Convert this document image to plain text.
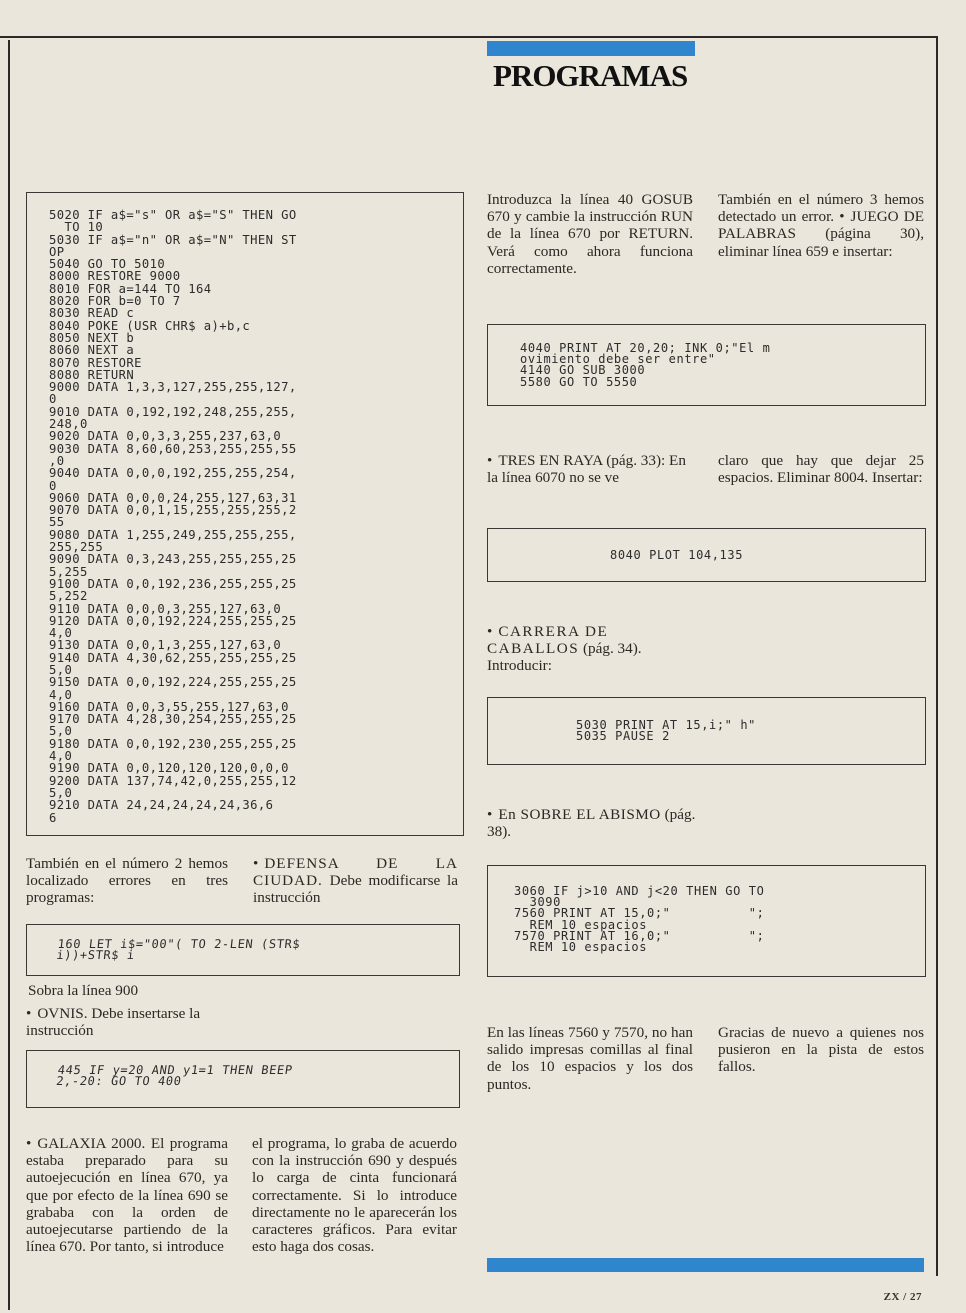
PROGRAMAS
5020 IF a$="s" OR a$="S" THEN GO
TO 10
5030 IF a$="n" OR a$="N" THEN ST
OP
5040 GO TO 5010
8000 RESTORE 9000
8010 FOR a=144 TO 164
8020 FOR b=0 TO 7
8030 READ c
8040 POKE (USR CHR$ a)+b,c
8050 NEXT b
8060 NEXT a
8070 RESTORE
8080 RETURN
9000 DATA 1,3,3,127,255,255,127,
0
9010 DATA 0,192,192,248,255,255,
248,0
9020 DATA 0,0,3,3,255,237,63,0
9030 DATA 8,60,60,253,255,255,55
,0
9040 DATA 0,0,0,192,255,255,254,
0
9060 DATA 0,0,0,24,255,127,63,31
9070 DATA 0,0,1,15,255,255,255,2
55
9080 DATA 1,255,249,255,255,255,
255,255
9090 DATA 0,3,243,255,255,255,25
5,255
9100 DATA 0,0,192,236,255,255,25
5,252
9110 DATA 0,0,0,3,255,127,63,0
9120 DATA 0,0,192,224,255,255,25
4,0
9130 DATA 0,0,1,3,255,127,63,0
9140 DATA 4,30,62,255,255,255,25
5,0
9150 DATA 0,0,192,224,255,255,25
4,0
9160 DATA 0,0,3,55,255,127,63,0
9170 DATA 4,28,30,254,255,255,25
5,0
9180 DATA 0,0,192,230,255,255,25
4,0
9190 DATA 0,0,120,120,120,0,0,0
9200 DATA 137,74,42,0,255,255,12
5,0
9210 DATA 24,24,24,24,24,36,6
6
También en el número 2 hemos localizado errores en tres programas:
• DEFENSA DE LA CIUDAD. Debe modificarse la instrucción
160 LET i$="00"( TO 2-LEN (STR$
i))+STR$ i
Sobra la línea 900
• OVNIS. Debe insertarse la instrucción
445 IF y=20 AND y1=1 THEN BEEP
2,-20: GO TO 400
• GALAXIA 2000. El programa estaba preparado para su autoejecución en línea 670, ya que por efecto de la línea 690 se grababa con la orden de autoejecutarse partiendo de la línea 670. Por tanto, si introduce
el programa, lo graba de acuerdo con la instrucción 690 y después lo carga de cinta funcionará correctamente. Si lo introduce directamente no le aparecerán los caracteres gráficos. Para evitar esto haga dos cosas.
Introduzca la línea 40 GOSUB 670 y cambie la instrucción RUN de la línea 670 por RETURN. Verá como ahora funciona correctamente.
También en el número 3 hemos detectado un error. • JUEGO DE PALABRAS (página 30), eliminar línea 659 e insertar:
4040 PRINT AT 20,20; INK 0;"El m
ovimiento debe ser entre"
4140 GO SUB 3000
5580 GO TO 5550
• TRES EN RAYA (pág. 33): En la línea 6070 no se ve
claro que hay que dejar 25 espacios. Eliminar 8004. Insertar:
8040 PLOT 104,135
• CARRERA DE CABALLOS (pág. 34). Introducir:
5030 PRINT AT 15,i;" h"
5035 PAUSE 2
• En SOBRE EL ABISMO (pág. 38).
3060 IF j>10 AND j<20 THEN GO TO
3090
7560 PRINT AT 15,0;"          ";
REM 10 espacios
7570 PRINT AT 16,0;"          ";
REM 10 espacios
En las líneas 7560 y 7570, no han salido impresas comillas al final de los 10 espacios y los dos puntos.
Gracias de nuevo a quienes nos pusieron en la pista de estos fallos.
ZX / 27
